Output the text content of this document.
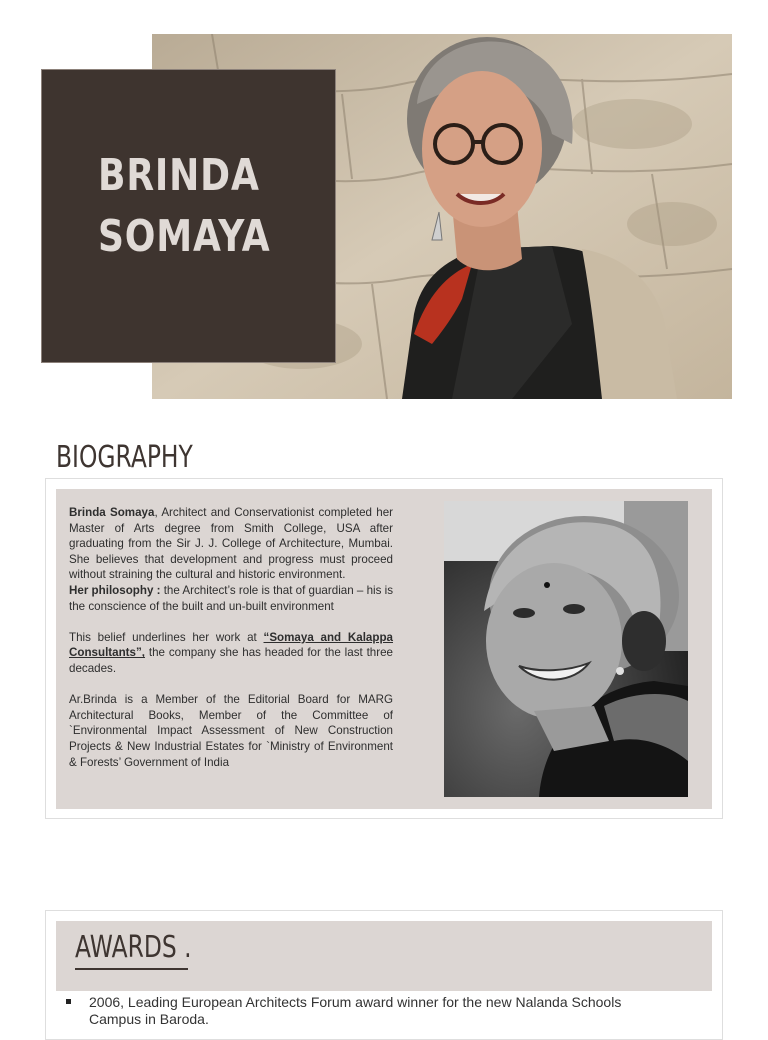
BRINDA
SOMAYA
BIOGRAPHY

Brinda Somaya, Architect and Conservationist completed her Master of Arts degree from Smith College, USA after graduating from the Sir J. J. College of Architecture, Mumbai. She believes that development and progress must proceed without straining the cultural and historic environment.

Her philosophy : the Architect’s role is that of guardian – his is the conscience of the built and un-built environment

This belief underlines her work at “Somaya and Kalappa Consultants”, the company she has headed for the last three decades.

Ar.Brinda is a Member of the Editorial Board for MARG Architectural Books, Member of the Committee of `Environmental Impact Assessment of New Construction Projects & New Industrial Estates for `Ministry of Environment & Forests’ Government of India

AWARDS .
2006, Leading European Architects Forum award winner for the new Nalanda Schools Campus in Baroda.
